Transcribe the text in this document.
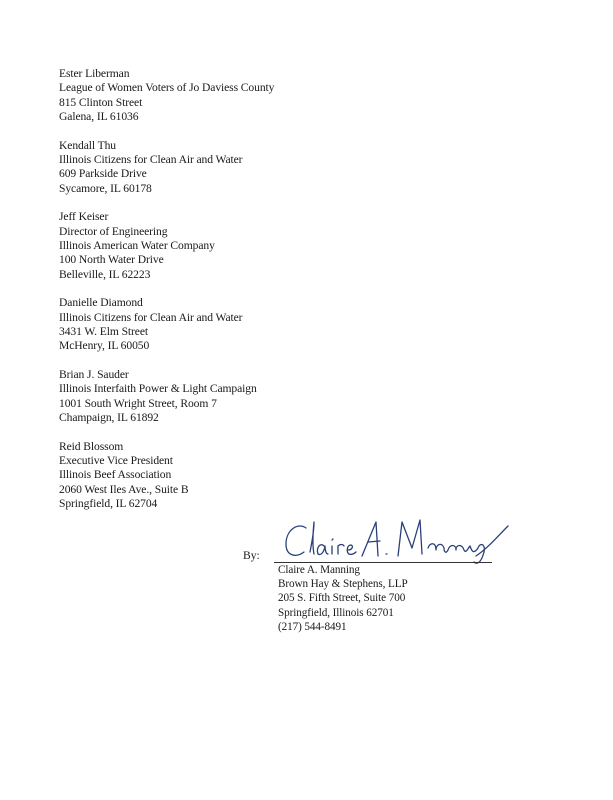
Ester Liberman
League of Women Voters of Jo Daviess County
815 Clinton Street
Galena, IL 61036
Kendall Thu
Illinois Citizens for Clean Air and Water
609 Parkside Drive
Sycamore, IL 60178
Jeff Keiser
Director of Engineering
Illinois American Water Company
100 North Water Drive
Belleville, IL 62223
Danielle Diamond
Illinois Citizens for Clean Air and Water
3431 W. Elm Street
McHenry, IL 60050
Brian J. Sauder
Illinois Interfaith Power & Light Campaign
1001 South Wright Street, Room 7
Champaign, IL 61892
Reid Blossom
Executive Vice President
Illinois Beef Association
2060 West Iles Ave., Suite B
Springfield, IL 62704
By:
Claire A. Manning
Brown Hay & Stephens, LLP
205 S. Fifth Street, Suite 700
Springfield, Illinois 62701
(217) 544-8491
